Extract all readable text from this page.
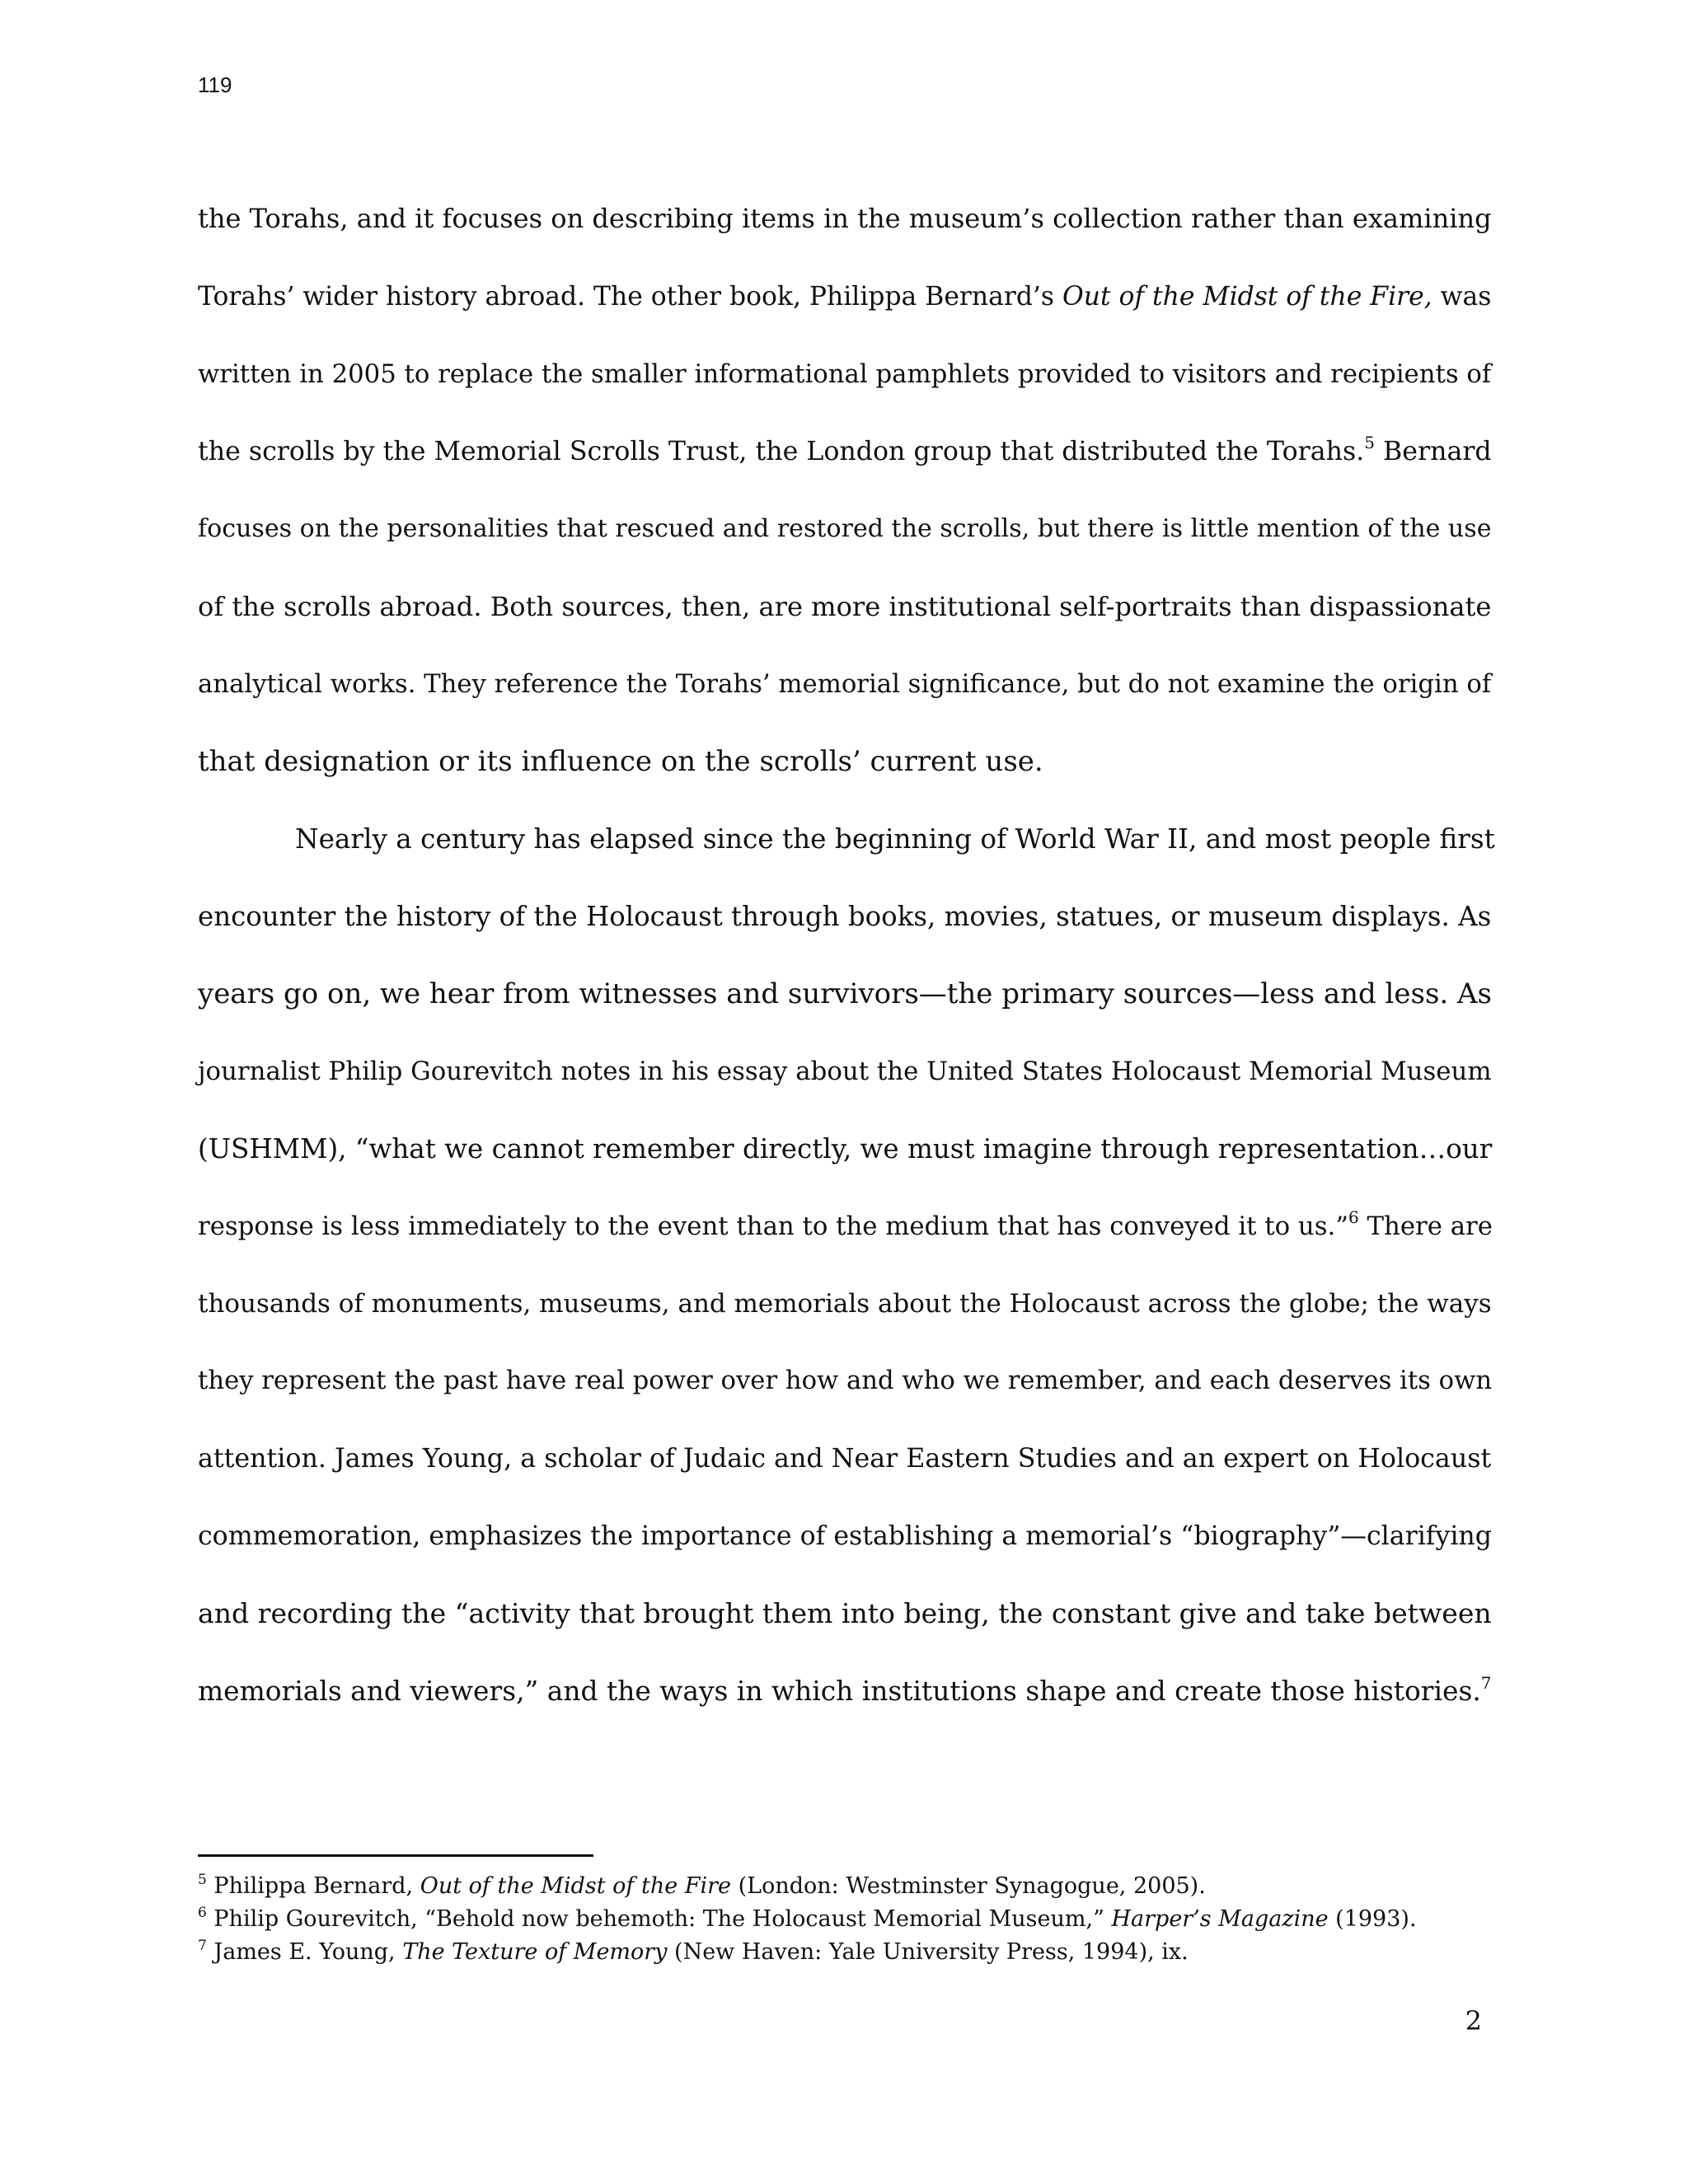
119
the Torahs, and it focuses on describing items in the museum’s collection rather than examining
Torahs’ wider history abroad. The other book, Philippa Bernard’s Out of the Midst of the Fire, was
written in 2005 to replace the smaller informational pamphlets provided to visitors and recipients of
the scrolls by the Memorial Scrolls Trust, the London group that distributed the Torahs.$^5$ Bernard
focuses on the personalities that rescued and restored the scrolls, but there is little mention of the use
of the scrolls abroad. Both sources, then, are more institutional self-portraits than dispassionate
analytical works. They reference the Torahs’ memorial significance, but do not examine the origin of
that designation or its influence on the scrolls’ current use.
Nearly a century has elapsed since the beginning of World War II, and most people first
encounter the history of the Holocaust through books, movies, statues, or museum displays. As
years go on, we hear from witnesses and survivors—the primary sources—less and less. As
journalist Philip Gourevitch notes in his essay about the United States Holocaust Memorial Museum
(USHMM), “what we cannot remember directly, we must imagine through representation…our
response is less immediately to the event than to the medium that has conveyed it to us.”$^6$ There are
thousands of monuments, museums, and memorials about the Holocaust across the globe; the ways
they represent the past have real power over how and who we remember, and each deserves its own
attention. James Young, a scholar of Judaic and Near Eastern Studies and an expert on Holocaust
commemoration, emphasizes the importance of establishing a memorial’s “biography”—clarifying
and recording the “activity that brought them into being, the constant give and take between
memorials and viewers,” and the ways in which institutions shape and create those histories.$^7$
$^5$ Philippa Bernard, Out of the Midst of the Fire (London: Westminster Synagogue, 2005).
$^6$ Philip Gourevitch, “Behold now behemoth: The Holocaust Memorial Museum,” Harper’s Magazine (1993).
$^7$ James E. Young, The Texture of Memory (New Haven: Yale University Press, 1994), ix.
2
